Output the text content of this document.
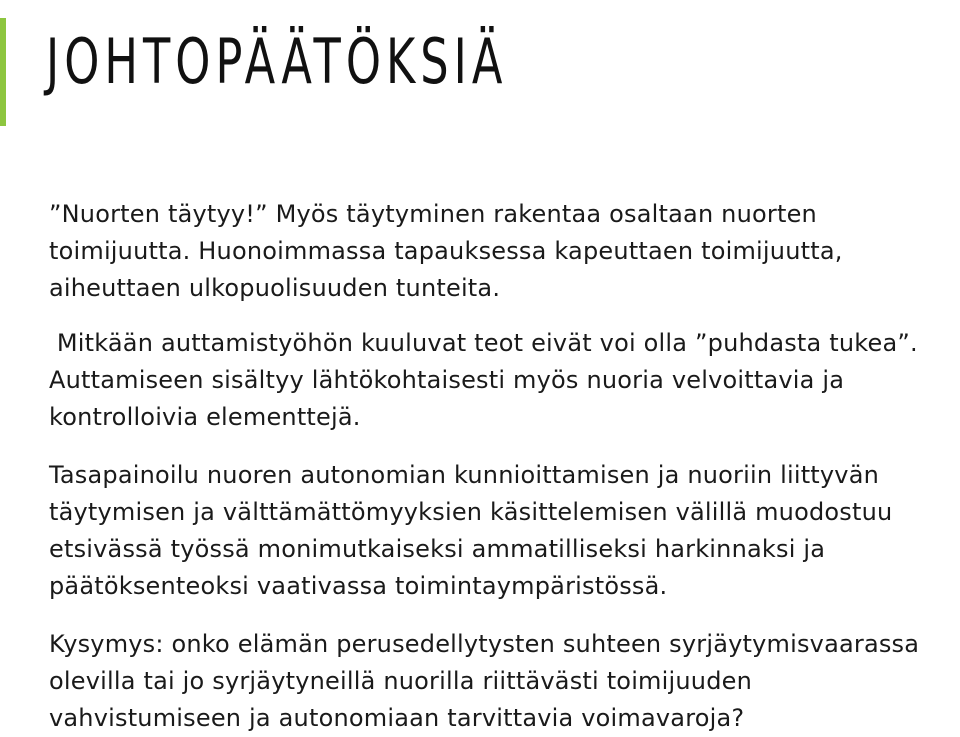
JOHTOPÄÄTÖKSIÄ

”Nuorten täytyy!” Myös täytyminen rakentaa osaltaan nuorten
toimijuutta. Huonoimmassa tapauksessa kapeuttaen toimijuutta,
aiheuttaen ulkopuolisuuden tunteita.

Mitkään auttamistyöhön kuuluvat teot eivät voi olla ”puhdasta tukea”.
Auttamiseen sisältyy lähtökohtaisesti myös nuoria velvoittavia ja
kontrolloivia elementtejä.

Tasapainoilu nuoren autonomian kunnioittamisen ja nuoriin liittyvän
täytymisen ja välttämättömyyksien käsittelemisen välillä muodostuu
etsivässä työssä monimutkaiseksi ammatilliseksi harkinnaksi ja
päätöksenteoksi vaativassa toimintaympäristössä.

Kysymys: onko elämän perusedellytysten suhteen syrjäytymisvaarassa
olevilla tai jo syrjäytyneillä nuorilla riittävästi toimijuuden
vahvistumiseen ja autonomiaan tarvittavia voimavaroja?
